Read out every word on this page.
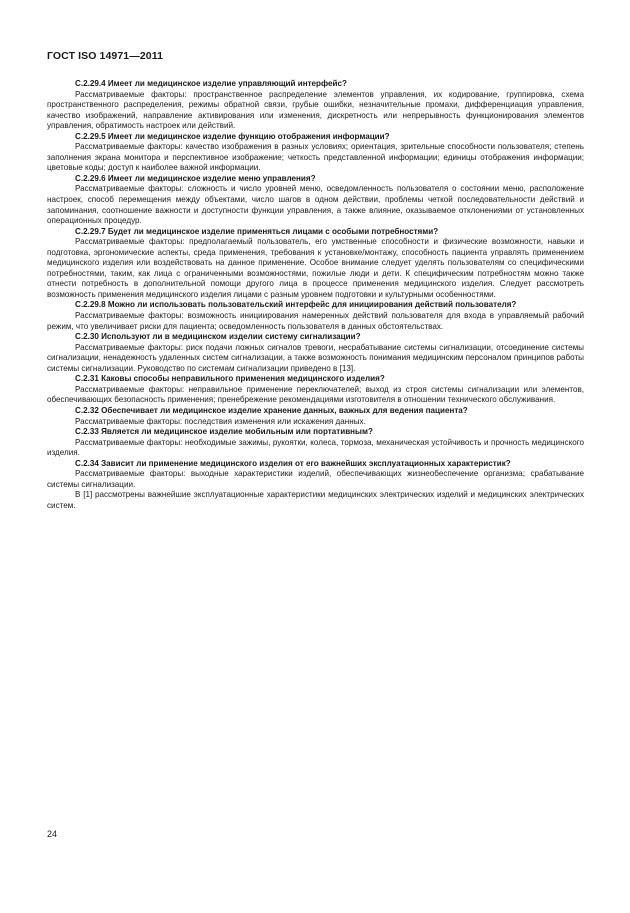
ГОСТ ISO 14971—2011

С.2.29.4 Имеет ли медицинское изделие управляющий интерфейс?

Рассматриваемые факторы: пространственное распределение элементов управления, их кодирование, группировка, схема пространственного распределения, режимы обратной связи, грубые ошибки, незначительные промахи, дифференциация управления, качество изображений, направление активирования или изменения, дискретность или непрерывность функционирования элементов управления, обратимость настроек или действий.

С.2.29.5 Имеет ли медицинское изделие функцию отображения информации?

Рассматриваемые факторы: качество изображения в разных условиях; ориентация, зрительные способности пользователя; степень заполнения экрана монитора и перспективное изображение; четкость представленной информации; единицы отображения информации; цветовые коды; доступ к наиболее важной информации.

С.2.29.6 Имеет ли медицинское изделие меню управления?

Рассматриваемые факторы: сложность и число уровней меню, осведомленность пользователя о состоянии меню, расположение настроек, способ перемещения между объектами, число шагов в одном действии, проблемы четкой последовательности действий и запоминания, соотношение важности и доступности функции управления, а также влияние, оказываемое отклонениями от установленных операционных процедур.

С.2.29.7 Будет ли медицинское изделие применяться лицами с особыми потребностями?

Рассматриваемые факторы: предполагаемый пользователь, его умственные способности и физические возможности, навыки и подготовка, эргономические аспекты, среда применения, требования к установке/монтажу, способность пациента управлять применением медицинского изделия или воздействовать на данное применение. Особое внимание следует уделять пользователям со специфическими потребностями, таким, как лица с ограниченными возможностями, пожилые люди и дети. К специфическим потребностям можно также отнести потребность в дополнительной помощи другого лица в процессе применения медицинского изделия. Следует рассмотреть возможность применения медицинского изделия лицами с разным уровнем подготовки и культурными особенностями.

С.2.29.8 Можно ли использовать пользовательский интерфейс для инициирования действий пользователя?

Рассматриваемые факторы: возможность инициирования намеренных действий пользователя для входа в управляемый рабочий режим, что увеличивает риски для пациента; осведомленность пользователя в данных обстоятельствах.

С.2.30 Используют ли в медицинском изделии систему сигнализации?

Рассматриваемые факторы: риск подачи ложных сигналов тревоги, несрабатывание системы сигнализации, отсоединение системы сигнализации, ненадежность удаленных систем сигнализации, а также возможность понимания медицинским персоналом принципов работы системы сигнализации. Руководство по системам сигнализации приведено в [13].

С.2.31 Каковы способы неправильного применения медицинского изделия?

Рассматриваемые факторы: неправильное применение переключателей; выход из строя системы сигнализации или элементов, обеспечивающих безопасность применения; пренебрежение рекомендациями изготовителя в отношении технического обслуживания.

С.2.32 Обеспечивает ли медицинское изделие хранение данных, важных для ведения пациента?

Рассматриваемые факторы: последствия изменения или искажения данных.

С.2.33 Является ли медицинское изделие мобильным или портативным?

Рассматриваемые факторы: необходимые зажимы, рукоятки, колеса, тормоза, механическая устойчивость и прочность медицинского изделия.

С.2.34 Зависит ли применение медицинского изделия от его важнейших эксплуатационных характеристик?

Рассматриваемые факторы: выходные характеристики изделий, обеспечивающих жизнеобеспечение организма; срабатывание системы сигнализации.

В [1] рассмотрены важнейшие эксплуатационные характеристики медицинских электрических изделий и медицинских электрических систем.

24
